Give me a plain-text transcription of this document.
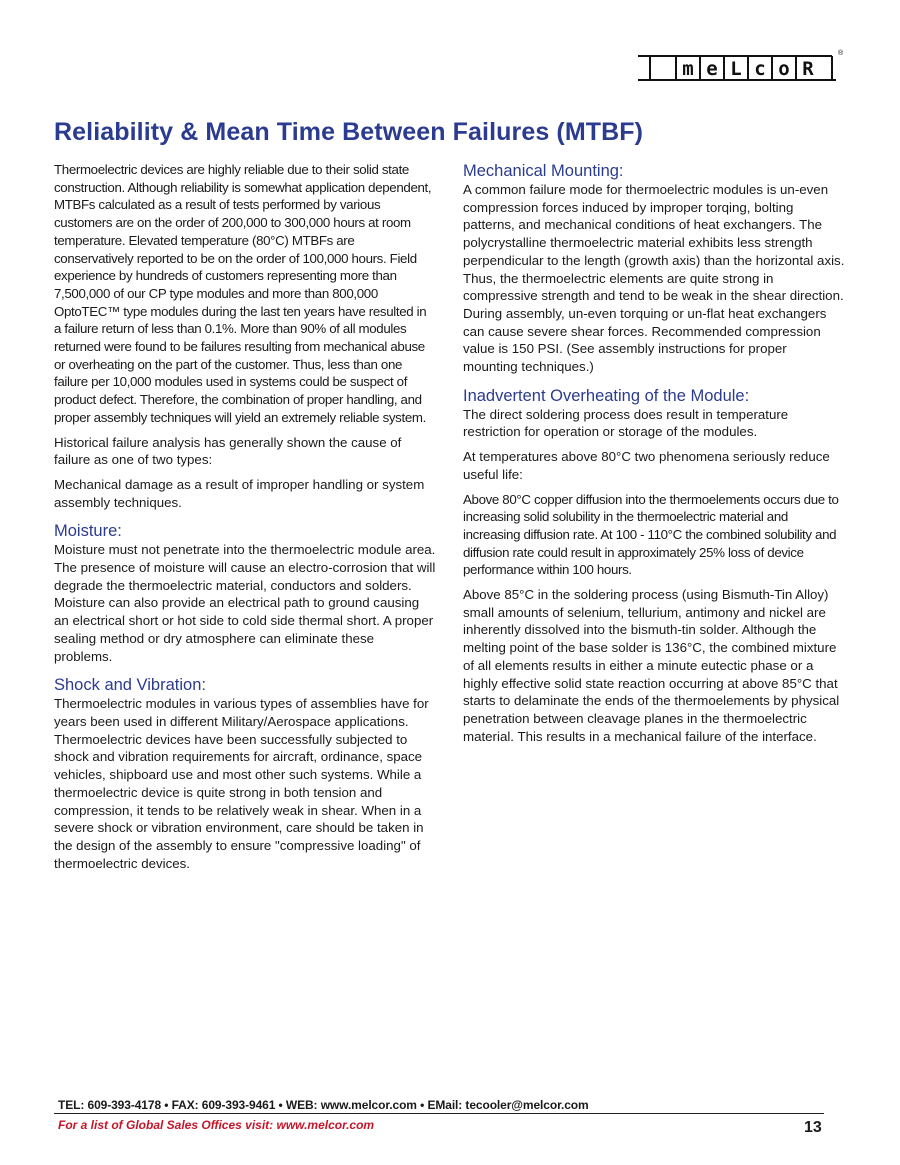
m e L c o R
®
Reliability & Mean Time Between Failures (MTBF)

Thermoelectric devices are highly reliable due to their solid state construction. Although reliability is somewhat application dependent, MTBFs calculated as a result of tests performed by various customers are on the order of 200,000 to 300,000 hours at room temperature. Elevated temperature (80°C) MTBFs are conservatively reported to be on the order of 100,000 hours. Field experience by hundreds of customers representing more than 7,500,000 of our CP type modules and more than 800,000 OptoTEC™ type modules during the last ten years have resulted in a failure return of less than 0.1%. More than 90% of all modules returned were found to be failures resulting from mechanical abuse or overheating on the part of the customer. Thus, less than one failure per 10,000 modules used in systems could be suspect of product defect. Therefore, the combination of proper handling, and proper assembly techniques will yield an extremely reliable system.

Historical failure analysis has generally shown the cause of failure as one of two types:

Mechanical damage as a result of improper handling or system assembly techniques.

Moisture:

Moisture must not penetrate into the thermoelectric module area. The presence of moisture will cause an electro-corrosion that will degrade the thermoelectric material, conductors and solders. Moisture can also provide an electrical path to ground causing an electrical short or hot side to cold side thermal short. A proper sealing method or dry atmosphere can eliminate these problems.

Shock and Vibration:

Thermoelectric modules in various types of assemblies have for years been used in different Military/Aerospace applications. Thermoelectric devices have been successfully subjected to shock and vibration requirements for aircraft, ordinance, space vehicles, shipboard use and most other such systems. While a thermoelectric device is quite strong in both tension and compression, it tends to be relatively weak in shear. When in a severe shock or vibration environment, care should be taken in the design of the assembly to ensure "compressive loading" of thermoelectric devices.

Mechanical Mounting:

A common failure mode for thermoelectric modules is un-even compression forces induced by improper torqing, bolting patterns, and mechanical conditions of heat exchangers. The polycrystalline thermoelectric material exhibits less strength perpendicular to the length (growth axis) than the horizontal axis. Thus, the thermoelectric elements are quite strong in compressive strength and tend to be weak in the shear direction. During assembly, un-even torquing or un-flat heat exchangers can cause severe shear forces. Recommended compression value is 150 PSI. (See assembly instructions for proper mounting techniques.)

Inadvertent Overheating of the Module:

The direct soldering process does result in temperature restriction for operation or storage of the modules.

At temperatures above 80°C two phenomena seriously reduce useful life:

Above 80°C copper diffusion into the thermoelements occurs due to increasing solid solubility in the thermoelectric material and increasing diffusion rate. At 100 - 110°C the combined solubility and diffusion rate could result in approximately 25% loss of device performance within 100 hours.

Above 85°C in the soldering process (using Bismuth-Tin Alloy) small amounts of selenium, tellurium, antimony and nickel are inherently dissolved into the bismuth-tin solder. Although the melting point of the base solder is 136°C, the combined mixture of all elements results in either a minute eutectic phase or a highly effective solid state reaction occurring at above 85°C that starts to delaminate the ends of the thermoelements by physical penetration between cleavage planes in the thermoelectric material. This results in a mechanical failure of the interface.

TEL: 609-393-4178 • FAX: 609-393-9461 • WEB: www.melcor.com • EMail: tecooler@melcor.com
For a list of Global Sales Offices visit: www.melcor.com	13
